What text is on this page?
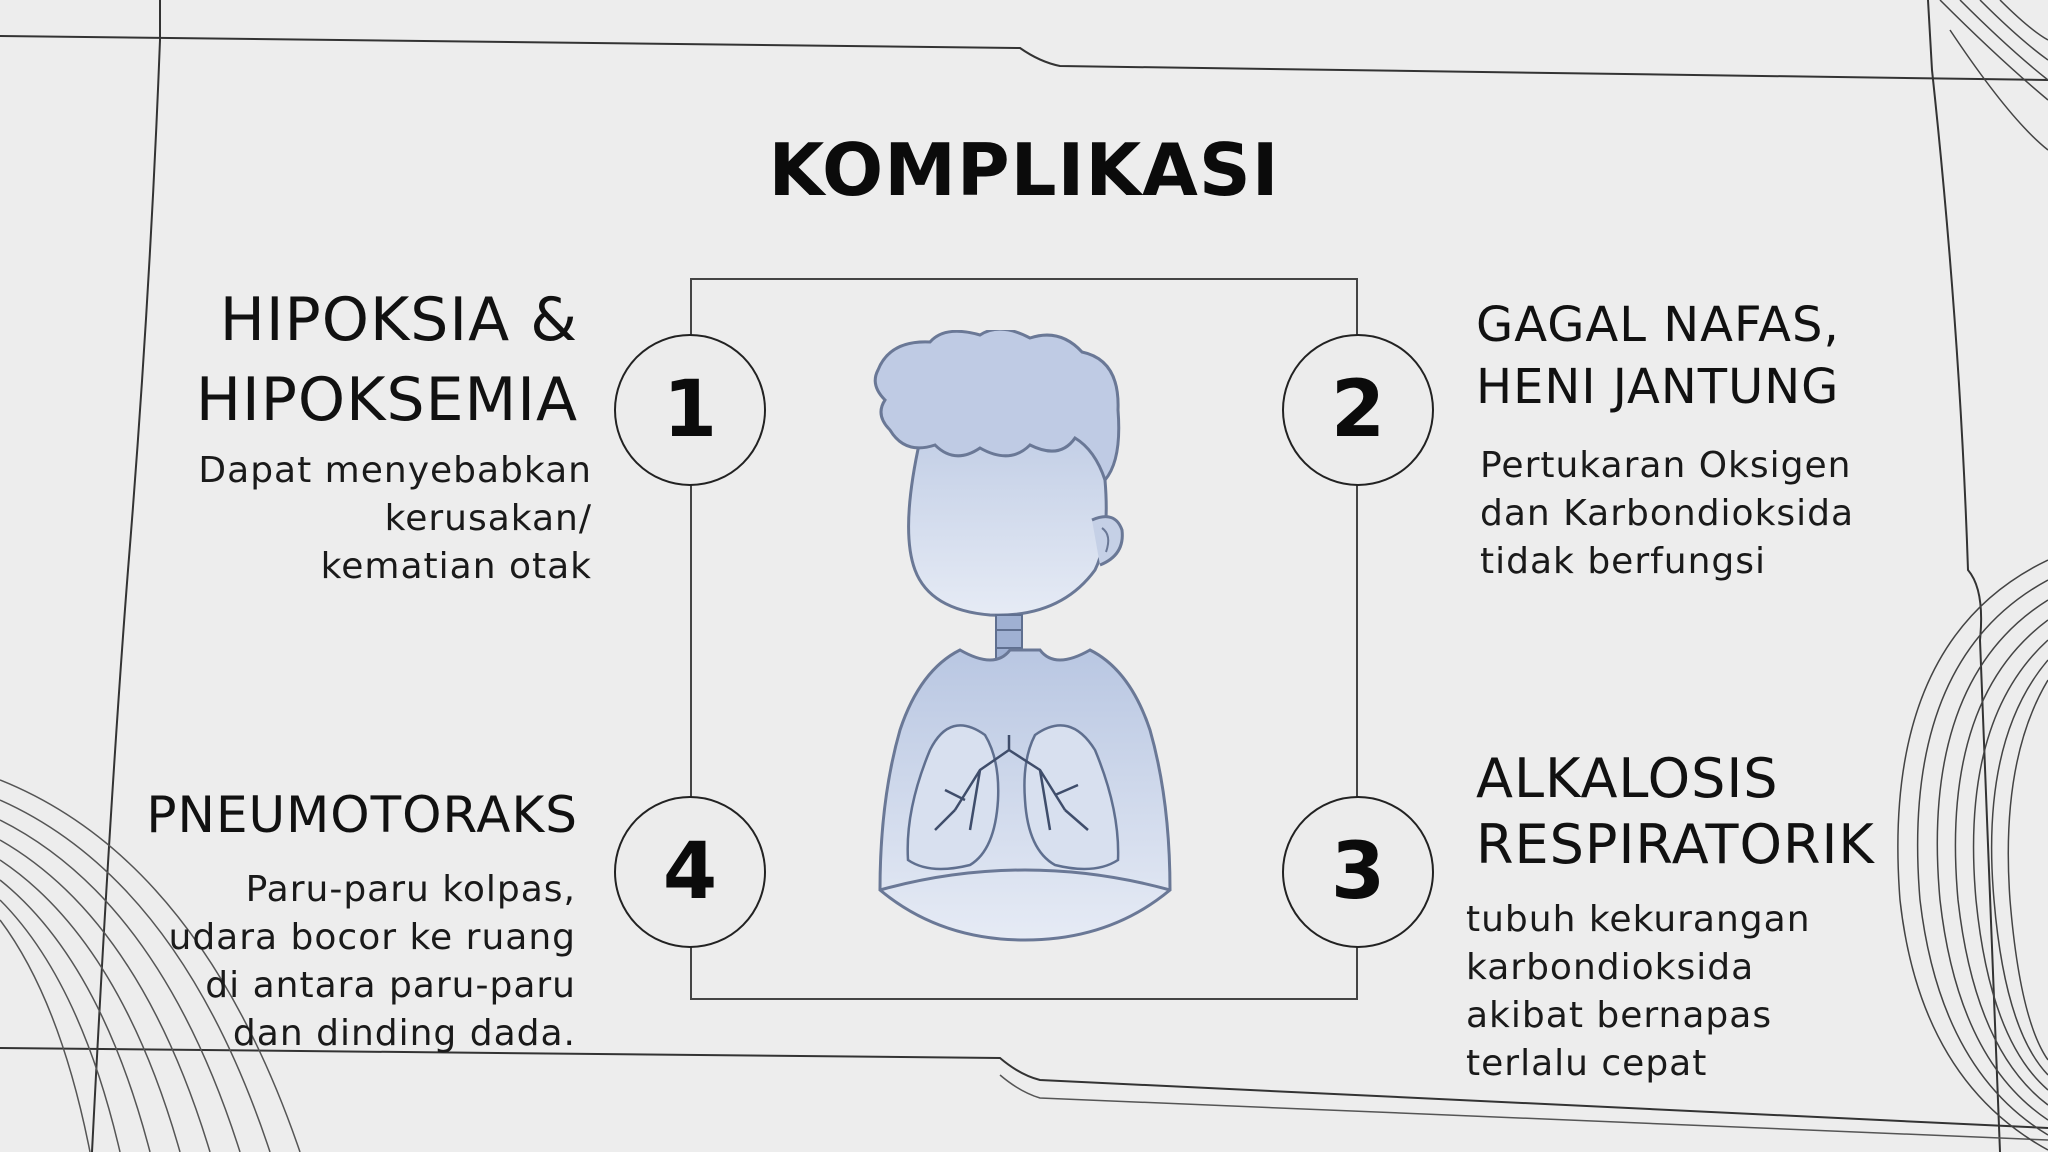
KOMPLIKASI
1	2
3
4
HIPOKSIA &
HIPOKSEMIA
Dapat menyebabkan
kerusakan/
kematian otak
GAGAL NAFAS,
HENI JANTUNG
Pertukaran Oksigen
dan Karbondioksida
tidak berfungsi
ALKALOSIS
RESPIRATORIK
tubuh kekurangan
karbondioksida
akibat bernapas
terlalu cepat
PNEUMOTORAKS
Paru-paru kolpas,
udara bocor ke ruang
di antara paru-paru
dan dinding dada.
